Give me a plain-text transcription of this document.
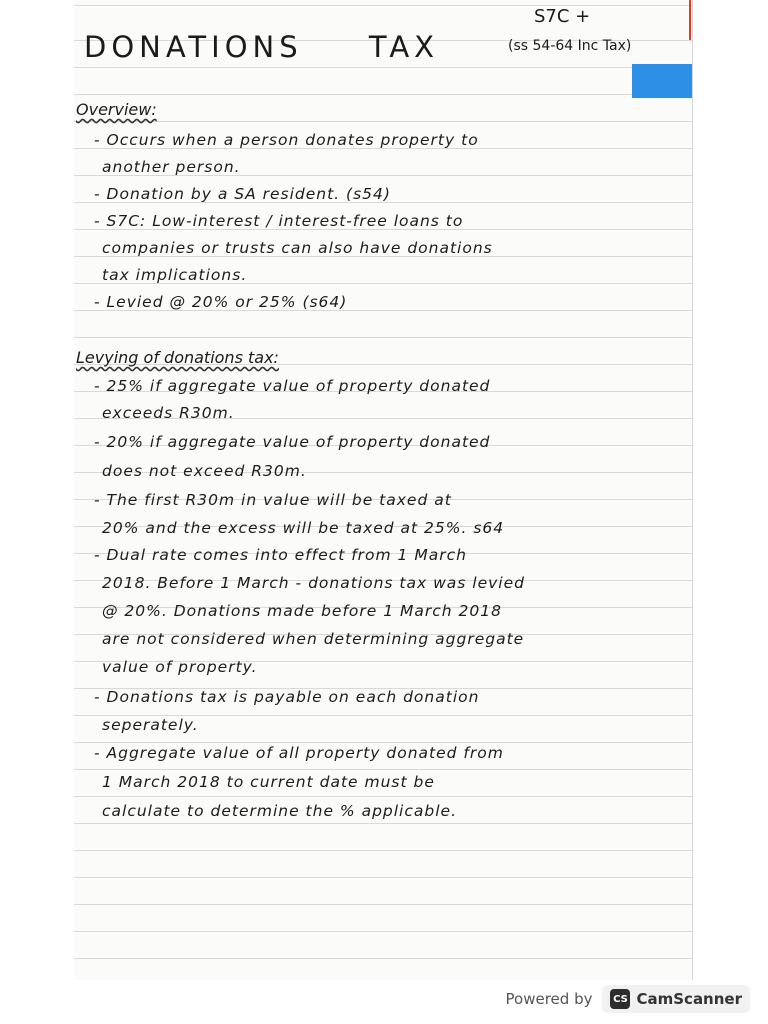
S7C +
DONATIONS TAX	(ss 54-64 Inc Tax)
Overview:
- Occurs when a person donates property to
another person.
- Donation by a SA resident. (s54)
- S7C: Low-interest / interest-free loans to
companies or trusts can also have donations
tax implications.
- Levied @ 20% or 25% (s64)
Levying of donations tax:
- 25% if aggregate value of property donated
exceeds R30m.
- 20% if aggregate value of property donated
does not exceed R30m.
- The first R30m in value will be taxed at
20% and the excess will be taxed at 25%. s64
- Dual rate comes into effect from 1 March
2018. Before 1 March - donations tax was levied
@ 20%. Donations made before 1 March 2018
are not considered when determining aggregate
value of property.
- Donations tax is payable on each donation
seperately.
- Aggregate value of all property donated from
1 March 2018 to current date must be
calculate to determine the % applicable.
Powered by CS CamScanner
